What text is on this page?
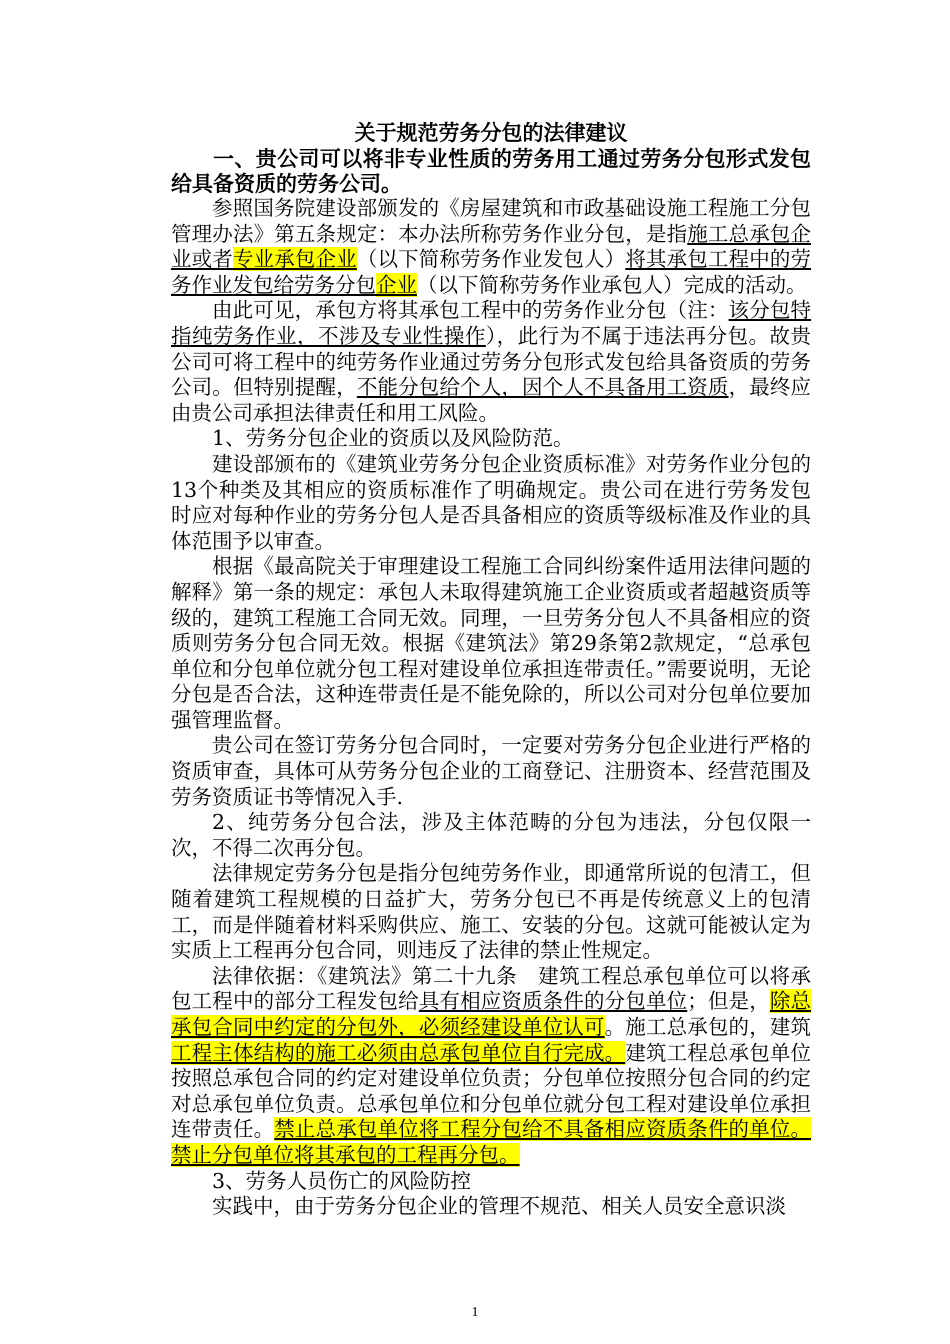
关于规范劳务分包的法律建议

一、贵公司可以将非专业性质的劳务用工通过劳务分包形式发包给具备资质的劳务公司。

参照国务院建设部颁发的《房屋建筑和市政基础设施工程施工分包管理办法》第五条规定：本办法所称劳务作业分包，是指施工总承包企业或者专业承包企业（以下简称劳务作业发包人）将其承包工程中的劳务作业发包给劳务分包企业（以下简称劳务作业承包人）完成的活动。

由此可见，承包方将其承包工程中的劳务作业分包（注：该分包特指纯劳务作业，不涉及专业性操作），此行为不属于违法再分包。故贵公司可将工程中的纯劳务作业通过劳务分包形式发包给具备资质的劳务公司。但特别提醒，不能分包给个人，因个人不具备用工资质，最终应由贵公司承担法律责任和用工风险。

1、劳务分包企业的资质以及风险防范。

建设部颁布的《建筑业劳务分包企业资质标准》对劳务作业分包的13个种类及其相应的资质标准作了明确规定。贵公司在进行劳务发包时应对每种作业的劳务分包人是否具备相应的资质等级标准及作业的具体范围予以审查。

根据《最高院关于审理建设工程施工合同纠纷案件适用法律问题的解释》第一条的规定：承包人未取得建筑施工企业资质或者超越资质等级的，建筑工程施工合同无效。同理，一旦劳务分包人不具备相应的资质则劳务分包合同无效。根据《建筑法》第29条第2款规定，“总承包单位和分包单位就分包工程对建设单位承担连带责任。”需要说明，无论分包是否合法，这种连带责任是不能免除的，所以公司对分包单位要加强管理监督。

贵公司在签订劳务分包合同时，一定要对劳务分包企业进行严格的资质审查，具体可从劳务分包企业的工商登记、注册资本、经营范围及劳务资质证书等情况入手.

2、纯劳务分包合法，涉及主体范畴的分包为违法，分包仅限一次，不得二次再分包。

法律规定劳务分包是指分包纯劳务作业，即通常所说的包清工，但随着建筑工程规模的日益扩大，劳务分包已不再是传统意义上的包清工，而是伴随着材料采购供应、施工、安装的分包。这就可能被认定为实质上工程再分包合同，则违反了法律的禁止性规定。

法律依据：《建筑法》第二十九条　建筑工程总承包单位可以将承包工程中的部分工程发包给具有相应资质条件的分包单位；但是，除总承包合同中约定的分包外，必须经建设单位认可。施工总承包的，建筑工程主体结构的施工必须由总承包单位自行完成。建筑工程总承包单位按照总承包合同的约定对建设单位负责；分包单位按照分包合同的约定对总承包单位负责。总承包单位和分包单位就分包工程对建设单位承担连带责任。禁止总承包单位将工程分包给不具备相应资质条件的单位。禁止分包单位将其承包的工程再分包。

3、劳务人员伤亡的风险防控

实践中，由于劳务分包企业的管理不规范、相关人员安全意识淡

1
